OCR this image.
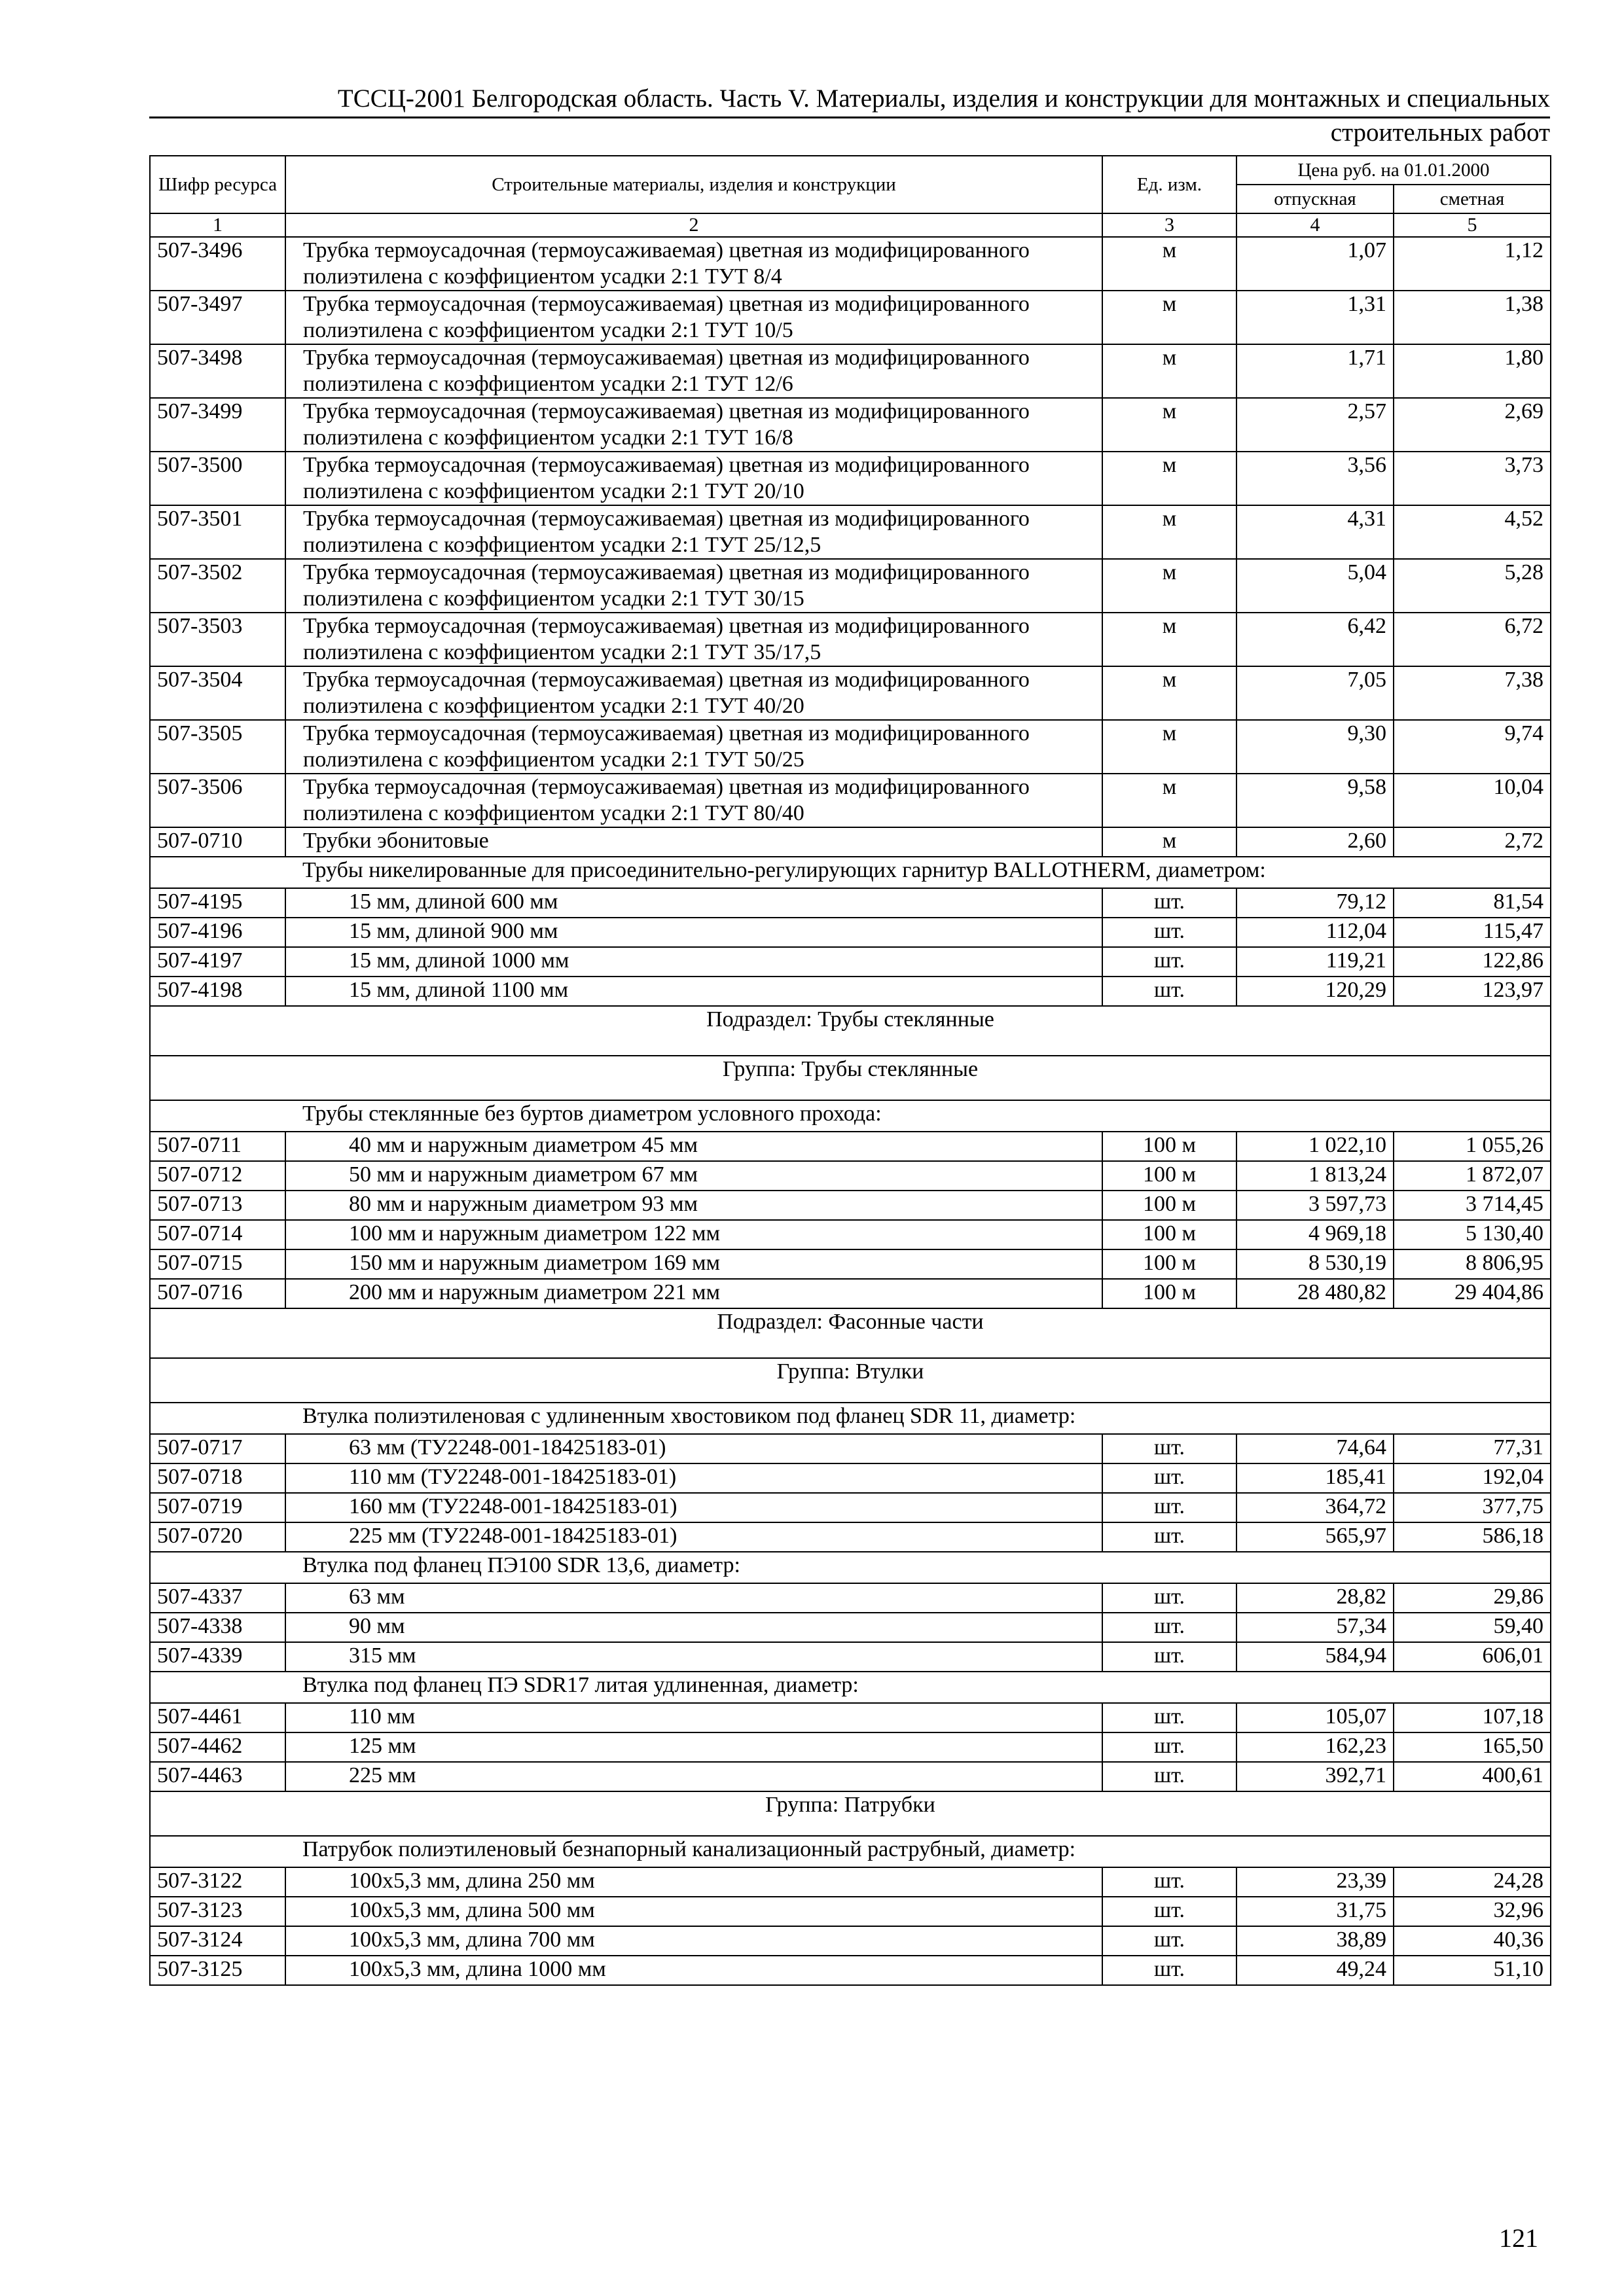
ТССЦ-2001 Белгородская область. Часть V. Материалы, изделия и конструкции для монтажных и специальных
строительных работ
Шифр ресурса	Строительные материалы, изделия и конструкции	Ед. изм.	Цена руб. на 01.01.2000	
			отпускная	сметная
1	2	3	4	5
507-3496	Трубка термоусадочная (термоусаживаемая) цветная из модифицированного полиэтилена с коэффициентом усадки 2:1 ТУТ 8/4	м	1,07	1,12
507-3497	Трубка термоусадочная (термоусаживаемая) цветная из модифицированного полиэтилена с коэффициентом усадки 2:1 ТУТ 10/5	м	1,31	1,38
507-3498	Трубка термоусадочная (термоусаживаемая) цветная из модифицированного полиэтилена с коэффициентом усадки 2:1 ТУТ 12/6	м	1,71	1,80
507-3499	Трубка термоусадочная (термоусаживаемая) цветная из модифицированного полиэтилена с коэффициентом усадки 2:1 ТУТ 16/8	м	2,57	2,69
507-3500	Трубка термоусадочная (термоусаживаемая) цветная из модифицированного полиэтилена с коэффициентом усадки 2:1 ТУТ 20/10	м	3,56	3,73
507-3501	Трубка термоусадочная (термоусаживаемая) цветная из модифицированного полиэтилена с коэффициентом усадки 2:1 ТУТ 25/12,5	м	4,31	4,52
507-3502	Трубка термоусадочная (термоусаживаемая) цветная из модифицированного полиэтилена с коэффициентом усадки 2:1 ТУТ 30/15	м	5,04	5,28
507-3503	Трубка термоусадочная (термоусаживаемая) цветная из модифицированного полиэтилена с коэффициентом усадки 2:1 ТУТ 35/17,5	м	6,42	6,72
507-3504	Трубка термоусадочная (термоусаживаемая) цветная из модифицированного полиэтилена с коэффициентом усадки 2:1 ТУТ 40/20	м	7,05	7,38
507-3505	Трубка термоусадочная (термоусаживаемая) цветная из модифицированного полиэтилена с коэффициентом усадки 2:1 ТУТ 50/25	м	9,30	9,74
507-3506	Трубка термоусадочная (термоусаживаемая) цветная из модифицированного полиэтилена с коэффициентом усадки 2:1 ТУТ 80/40	м	9,58	10,04
507-0710	Трубки эбонитовые	м	2,60	2,72
Трубы никелированные для присоединительно-регулирующих гарнитур BALLOTHERM, диаметром:				
507-4195	15 мм, длиной 600 мм	шт.	79,12	81,54
507-4196	15 мм, длиной 900 мм	шт.	112,04	115,47
507-4197	15 мм, длиной 1000 мм	шт.	119,21	122,86
507-4198	15 мм, длиной 1100 мм	шт.	120,29	123,97
Подраздел: Трубы стеклянные				
Группа: Трубы стеклянные				
Трубы стеклянные без буртов диаметром условного прохода:				
507-0711	40 мм и наружным диаметром 45 мм	100 м	1 022,10	1 055,26
507-0712	50 мм и наружным диаметром 67 мм	100 м	1 813,24	1 872,07
507-0713	80 мм и наружным диаметром 93 мм	100 м	3 597,73	3 714,45
507-0714	100 мм и наружным диаметром 122 мм	100 м	4 969,18	5 130,40
507-0715	150 мм и наружным диаметром 169 мм	100 м	8 530,19	8 806,95
507-0716	200 мм и наружным диаметром 221 мм	100 м	28 480,82	29 404,86
Подраздел: Фасонные части				
Группа: Втулки				
Втулка полиэтиленовая с удлиненным хвостовиком под фланец SDR 11, диаметр:				
507-0717	63 мм (ТУ2248-001-18425183-01)	шт.	74,64	77,31
507-0718	110 мм (ТУ2248-001-18425183-01)	шт.	185,41	192,04
507-0719	160 мм (ТУ2248-001-18425183-01)	шт.	364,72	377,75
507-0720	225 мм (ТУ2248-001-18425183-01)	шт.	565,97	586,18
Втулка под фланец ПЭ100 SDR 13,6, диаметр:				
507-4337	63 мм	шт.	28,82	29,86
507-4338	90 мм	шт.	57,34	59,40
507-4339	315 мм	шт.	584,94	606,01
Втулка под фланец ПЭ SDR17 литая удлиненная, диаметр:				
507-4461	110 мм	шт.	105,07	107,18
507-4462	125 мм	шт.	162,23	165,50
507-4463	225 мм	шт.	392,71	400,61
Группа: Патрубки				
Патрубок полиэтиленовый безнапорный канализационный раструбный, диаметр:				
507-3122	100х5,3 мм, длина 250 мм	шт.	23,39	24,28
507-3123	100х5,3 мм, длина 500 мм	шт.	31,75	32,96
507-3124	100х5,3 мм, длина 700 мм	шт.	38,89	40,36
507-3125	100х5,3 мм, длина 1000 мм	шт.	49,24	51,10
121
